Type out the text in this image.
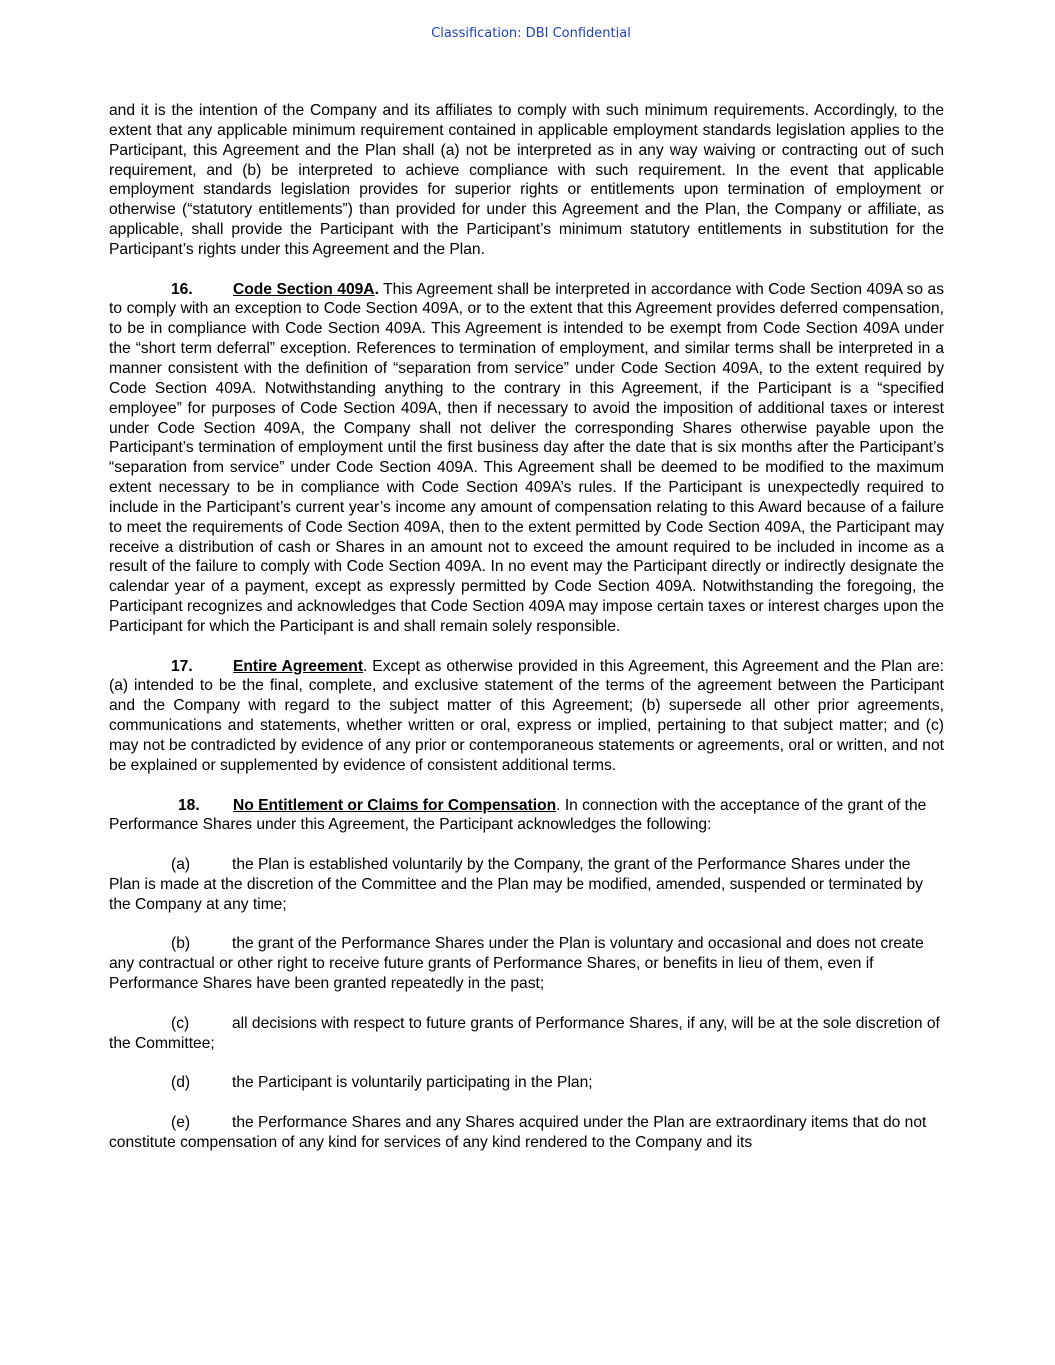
Classification: DBI Confidential

and it is the intention of the Company and its affiliates to comply with such minimum requirements. Accordingly, to the extent that any applicable minimum requirement contained in applicable employment standards legislation applies to the Participant, this Agreement and the Plan shall (a) not be interpreted as in any way waiving or contracting out of such requirement, and (b) be interpreted to achieve compliance with such requirement. In the event that applicable employment standards legislation provides for superior rights or entitlements upon termination of employment or otherwise (“statutory entitlements”) than provided for under this Agreement and the Plan, the Company or affiliate, as applicable, shall provide the Participant with the Participant’s minimum statutory entitlements in substitution for the Participant’s rights under this Agreement and the Plan.

16.	Code Section 409A. This Agreement shall be interpreted in accordance with Code Section 409A so as to comply with an exception to Code Section 409A, or to the extent that this Agreement provides deferred compensation, to be in compliance with Code Section 409A. This Agreement is intended to be exempt from Code Section 409A under the “short term deferral” exception. References to termination of employment, and similar terms shall be interpreted in a manner consistent with the definition of “separation from service” under Code Section 409A, to the extent required by Code Section 409A. Notwithstanding anything to the contrary in this Agreement, if the Participant is a “specified employee” for purposes of Code Section 409A, then if necessary to avoid the imposition of additional taxes or interest under Code Section 409A, the Company shall not deliver the corresponding Shares otherwise payable upon the Participant’s termination of employment until the first business day after the date that is six months after the Participant’s “separation from service” under Code Section 409A. This Agreement shall be deemed to be modified to the maximum extent necessary to be in compliance with Code Section 409A’s rules. If the Participant is unexpectedly required to include in the Participant’s current year’s income any amount of compensation relating to this Award because of a failure to meet the requirements of Code Section 409A, then to the extent permitted by Code Section 409A, the Participant may receive a distribution of cash or Shares in an amount not to exceed the amount required to be included in income as a result of the failure to comply with Code Section 409A. In no event may the Participant directly or indirectly designate the calendar year of a payment, except as expressly permitted by Code Section 409A. Notwithstanding the foregoing, the Participant recognizes and acknowledges that Code Section 409A may impose certain taxes or interest charges upon the Participant for which the Participant is and shall remain solely responsible.

17.	Entire Agreement. Except as otherwise provided in this Agreement, this Agreement and the Plan are: (a) intended to be the final, complete, and exclusive statement of the terms of the agreement between the Participant and the Company with regard to the subject matter of this Agreement; (b) supersede all other prior agreements, communications and statements, whether written or oral, express or implied, pertaining to that subject matter; and (c) may not be contradicted by evidence of any prior or contemporaneous statements or agreements, oral or written, and not be explained or supplemented by evidence of consistent additional terms.

18. No Entitlement or Claims for Compensation. In connection with the acceptance of the grant of the Performance Shares under this Agreement, the Participant acknowledges the following:

(a)	the Plan is established voluntarily by the Company, the grant of the Performance Shares under the Plan is made at the discretion of the Committee and the Plan may be modified, amended, suspended or terminated by the Company at any time;

(b)	the grant of the Performance Shares under the Plan is voluntary and occasional and does not create any contractual or other right to receive future grants of Performance Shares, or benefits in lieu of them, even if Performance Shares have been granted repeatedly in the past;

(c)	all decisions with respect to future grants of Performance Shares, if any, will be at the sole discretion of the Committee;

(d)	the Participant is voluntarily participating in the Plan;

(e)	the Performance Shares and any Shares acquired under the Plan are extraordinary items that do not constitute compensation of any kind for services of any kind rendered to the Company and its
